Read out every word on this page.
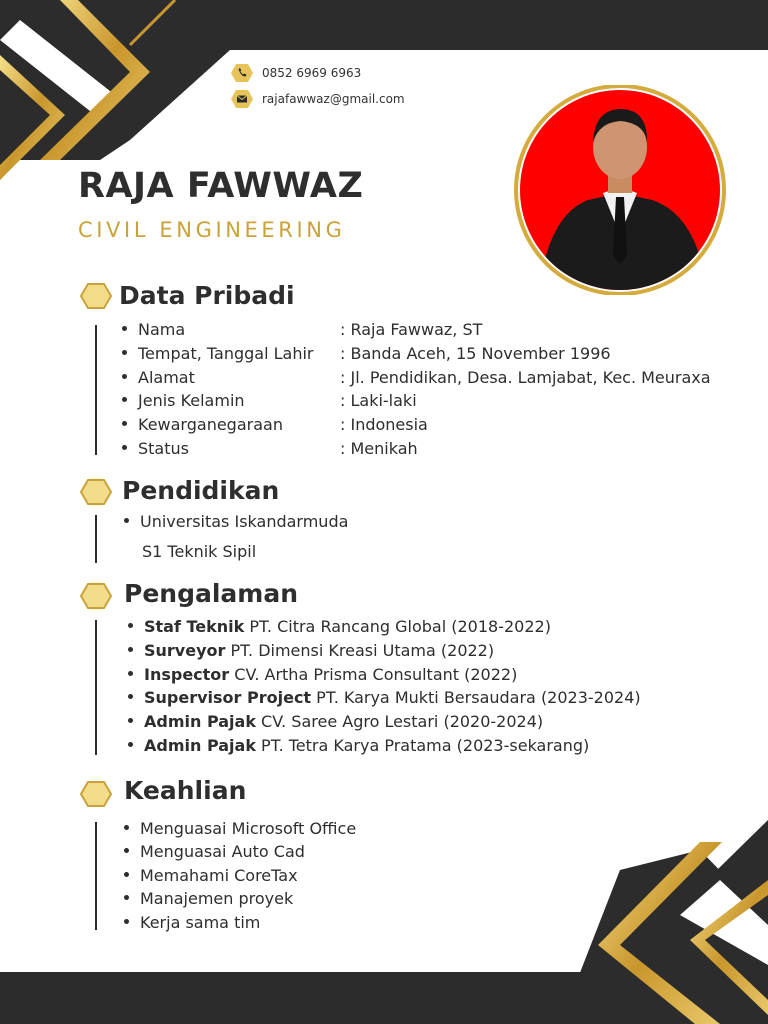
0852 6969 6963
rajafawwaz@gmail.com
RAJA FAWWAZ
CIVIL ENGINEERING
Data Pribadi
Nama	: Raja Fawwaz, ST
Tempat, Tanggal Lahir : Banda Aceh, 15 November 1996
Alamat	: Jl. Pendidikan, Desa. Lamjabat, Kec. Meuraxa
Jenis Kelamin	: Laki-laki
Kewarganegaraan	: Indonesia
Status	: Menikah
Pendidikan
Universitas Iskandarmuda
S1 Teknik Sipil
Pengalaman
Staf Teknik PT. Citra Rancang Global (2018-2022)
Surveyor PT. Dimensi Kreasi Utama (2022)
Inspector CV. Artha Prisma Consultant (2022)
Supervisor Project PT. Karya Mukti Bersaudara (2023-2024)
Admin Pajak CV. Saree Agro Lestari (2020-2024)
Admin Pajak PT. Tetra Karya Pratama (2023-sekarang)
Keahlian
Menguasai Microsoft Office
Menguasai Auto Cad
Memahami CoreTax
Manajemen proyek
Kerja sama tim
